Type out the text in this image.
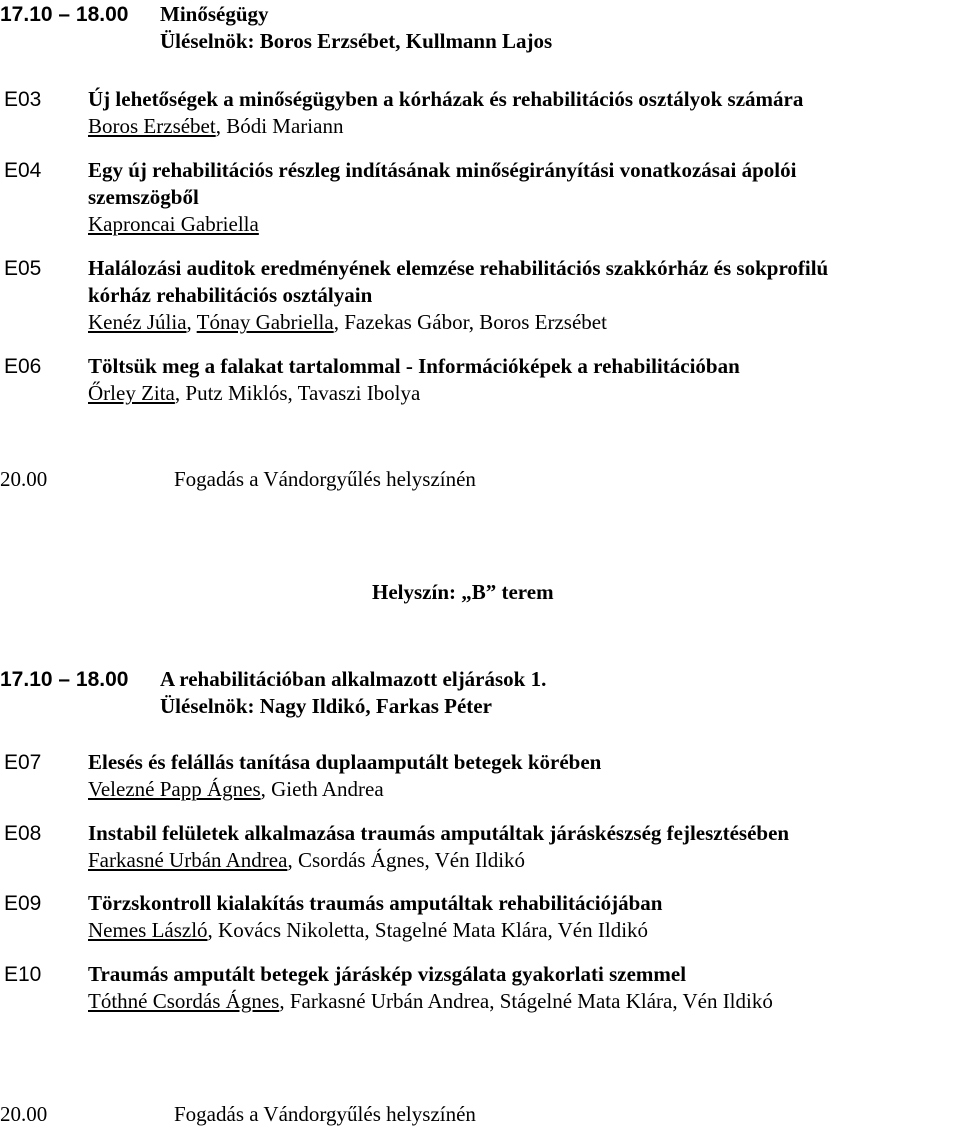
17.10 – 18.00 Minőségügy
Üléselnök: Boros Erzsébet, Kullmann Lajos
E03 Új lehetőségek a minőségügyben a kórházak és rehabilitációs osztályok számára
Boros Erzsébet, Bódi Mariann
E04 Egy új rehabilitációs részleg indításának minőségirányítási vonatkozásai ápolói
szemszögből
Kaproncai Gabriella
E05 Halálozási auditok eredményének elemzése rehabilitációs szakkórház és sokprofilú
kórház rehabilitációs osztályain
Kenéz Júlia, Tónay Gabriella, Fazekas Gábor, Boros Erzsébet
E06 Töltsük meg a falakat tartalommal - Információképek a rehabilitációban
Őrley Zita, Putz Miklós, Tavaszi Ibolya
20.00	Fogadás a Vándorgyűlés helyszínén
Helyszín: „B” terem
17.10 – 18.00 A rehabilitációban alkalmazott eljárások 1.
Üléselnök: Nagy Ildikó, Farkas Péter
E07 Elesés és felállás tanítása duplaamputált betegek körében
Velezné Papp Ágnes, Gieth Andrea
E08 Instabil felületek alkalmazása traumás amputáltak járáskészség fejlesztésében
Farkasné Urbán Andrea, Csordás Ágnes, Vén Ildikó
E09 Törzskontroll kialakítás traumás amputáltak rehabilitációjában
Nemes László, Kovács Nikoletta, Stagelné Mata Klára, Vén Ildikó
E10 Traumás amputált betegek járáskép vizsgálata gyakorlati szemmel
Tóthné Csordás Ágnes, Farkasné Urbán Andrea, Stágelné Mata Klára, Vén Ildikó
20.00	Fogadás a Vándorgyűlés helyszínén
